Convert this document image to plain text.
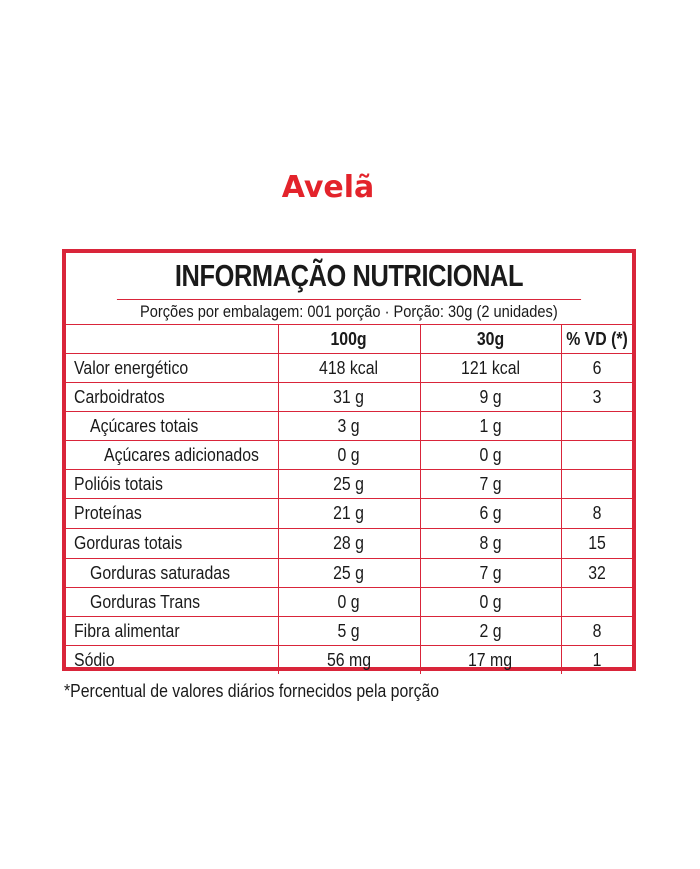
Avelã
INFORMAÇÃO NUTRICIONAL
Porções por embalagem: 001 porção · Porção: 30g (2 unidades)
	100g	30g	% VD (*)
Valor energético	418 kcal	121 kcal	6
Carboidratos	31 g	9 g	3
Açúcares totais	3 g	1 g	
Açúcares adicionados	0 g	0 g	
Polióis totais	25 g	7 g	
Proteínas	21 g	6 g	8
Gorduras totais	28 g	8 g	15
Gorduras saturadas	25 g	7 g	32
Gorduras Trans	0 g	0 g	
Fibra alimentar	5 g	2 g	8
Sódio	56 mg	17 mg	1
*Percentual de valores diários fornecidos pela porção
